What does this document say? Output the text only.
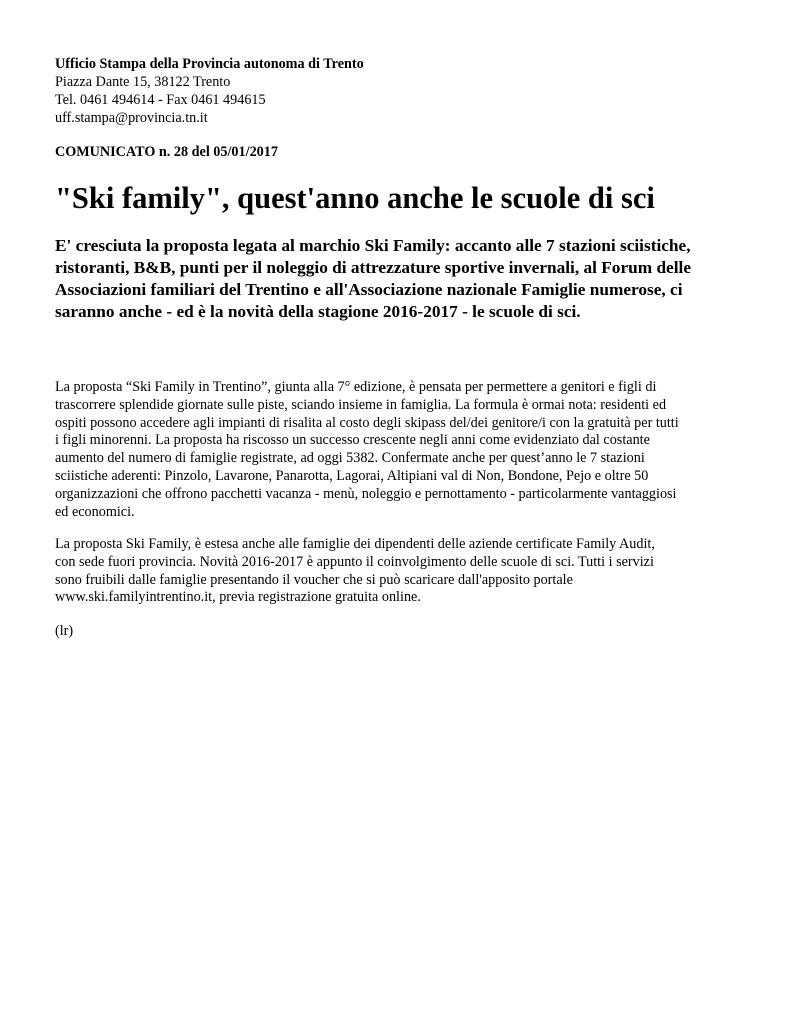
Ufficio Stampa della Provincia autonoma di Trento

Piazza Dante 15, 38122 Trento

Tel. 0461 494614 - Fax 0461 494615

uff.stampa@provincia.tn.it

COMUNICATO n. 28 del 05/01/2017

"Ski family", quest'anno anche le scuole di sci
E' cresciuta la proposta legata al marchio Ski Family: accanto alle 7 stazioni sciistiche,
ristoranti, B&B, punti per il noleggio di attrezzature sportive invernali, al Forum delle
Associazioni familiari del Trentino e all'Associazione nazionale Famiglie numerose, ci
saranno anche - ed è la novità della stagione 2016-2017 - le scuole di sci.
La proposta “Ski Family in Trentino”, giunta alla 7° edizione, è pensata per permettere a genitori e figli di
trascorrere splendide giornate sulle piste, sciando insieme in famiglia. La formula è ormai nota: residenti ed
ospiti possono accedere agli impianti di risalita al costo degli skipass del/dei genitore/i con la gratuità per tutti
i figli minorenni. La proposta ha riscosso un successo crescente negli anni come evidenziato dal costante
aumento del numero di famiglie registrate, ad oggi 5382. Confermate anche per quest’anno le 7 stazioni
sciistiche aderenti: Pinzolo, Lavarone, Panarotta, Lagorai, Altipiani val di Non, Bondone, Pejo e oltre 50
organizzazioni che offrono pacchetti vacanza - menù, noleggio e pernottamento - particolarmente vantaggiosi
ed economici.
La proposta Ski Family, è estesa anche alle famiglie dei dipendenti delle aziende certificate Family Audit,
con sede fuori provincia. Novità 2016-2017 è appunto il coinvolgimento delle scuole di sci. Tutti i servizi
sono fruibili dalle famiglie presentando il voucher che si può scaricare dall'apposito portale
www.ski.familyintrentino.it, previa registrazione gratuita online.

(lr)
